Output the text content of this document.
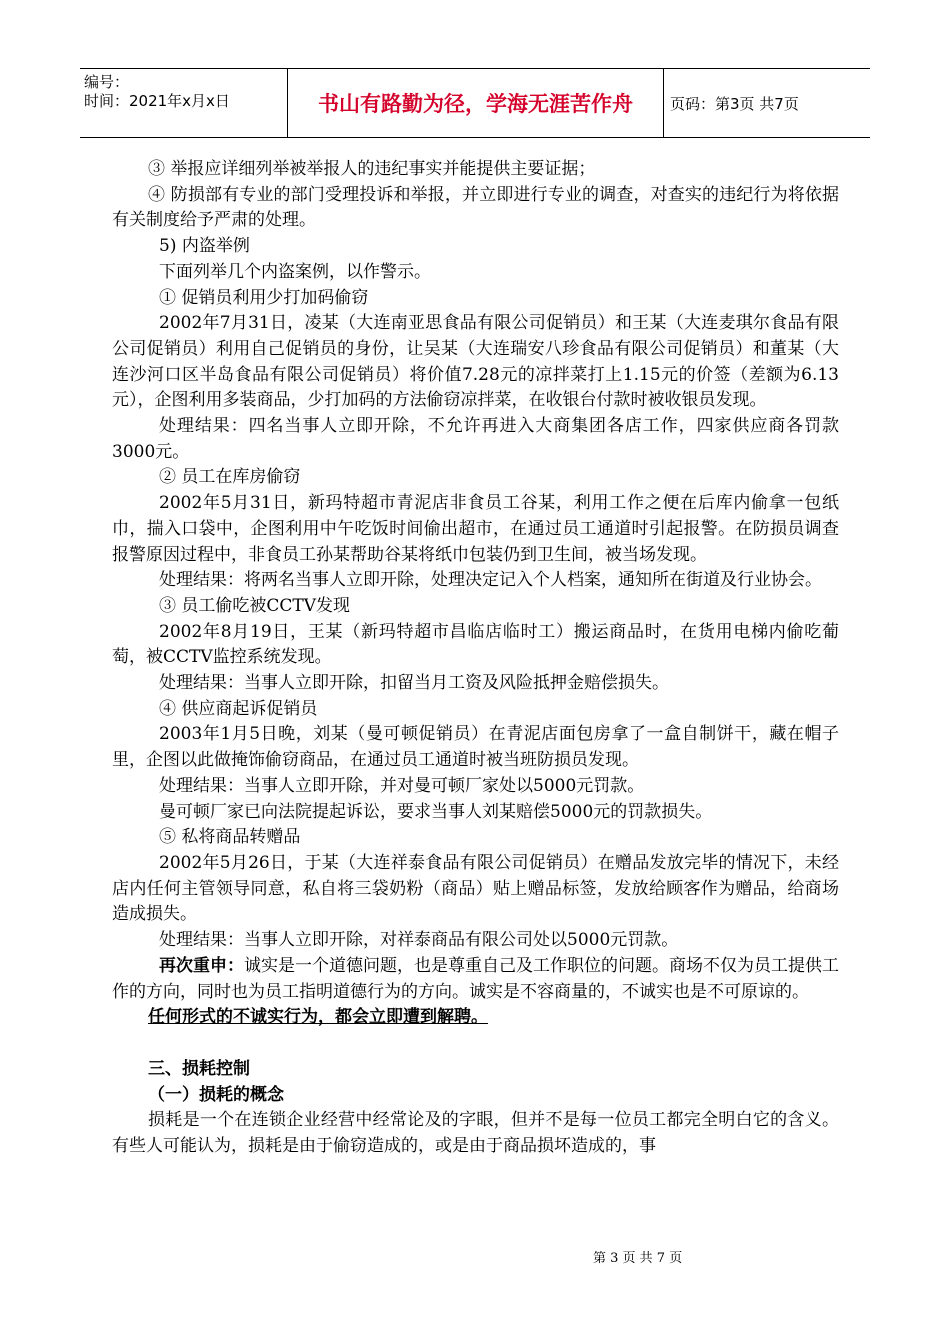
编号：
时间：2021年x月x日	书山有路勤为径，学海无涯苦作舟	页码：第3页 共7页

③ 举报应详细列举被举报人的违纪事实并能提供主要证据；

④ 防损部有专业的部门受理投诉和举报，并立即进行专业的调查，对查实的违纪行为将依据有关制度给予严肃的处理。

5) 内盗举例

下面列举几个内盗案例，以作警示。

① 促销员利用少打加码偷窃

2002年7月31日，凌某（大连南亚思食品有限公司促销员）和王某（大连麦琪尔食品有限公司促销员）利用自己促销员的身份，让吴某（大连瑞安八珍食品有限公司促销员）和董某（大连沙河口区半岛食品有限公司促销员）将价值7.28元的凉拌菜打上1.15元的价签（差额为6.13元），企图利用多装商品，少打加码的方法偷窃凉拌菜，在收银台付款时被收银员发现。

处理结果：四名当事人立即开除，不允许再进入大商集团各店工作，四家供应商各罚款3000元。

② 员工在库房偷窃

2002年5月31日，新玛特超市青泥店非食员工谷某，利用工作之便在后库内偷拿一包纸巾，揣入口袋中，企图利用中午吃饭时间偷出超市，在通过员工通道时引起报警。在防损员调查报警原因过程中，非食员工孙某帮助谷某将纸巾包装仍到卫生间，被当场发现。

处理结果：将两名当事人立即开除，处理决定记入个人档案，通知所在街道及行业协会。

③ 员工偷吃被CCTV发现

2002年8月19日，王某（新玛特超市昌临店临时工）搬运商品时，在货用电梯内偷吃葡萄，被CCTV监控系统发现。

处理结果：当事人立即开除，扣留当月工资及风险抵押金赔偿损失。

④ 供应商起诉促销员

2003年1月5日晚，刘某（曼可顿促销员）在青泥店面包房拿了一盒自制饼干，藏在帽子里，企图以此做掩饰偷窃商品，在通过员工通道时被当班防损员发现。

处理结果：当事人立即开除，并对曼可顿厂家处以5000元罚款。

曼可顿厂家已向法院提起诉讼，要求当事人刘某赔偿5000元的罚款损失。

⑤ 私将商品转赠品

2002年5月26日，于某（大连祥泰食品有限公司促销员）在赠品发放完毕的情况下，未经店内任何主管领导同意，私自将三袋奶粉（商品）贴上赠品标签，发放给顾客作为赠品，给商场造成损失。

处理结果：当事人立即开除，对祥泰商品有限公司处以5000元罚款。

再次重申：诚实是一个道德问题，也是尊重自己及工作职位的问题。商场不仅为员工提供工作的方向，同时也为员工指明道德行为的方向。诚实是不容商量的，不诚实也是不可原谅的。

任何形式的不诚实行为，都会立即遭到解聘。

三、损耗控制

（一）损耗的概念

损耗是一个在连锁企业经营中经常论及的字眼，但并不是每一位员工都完全明白它的含义。有些人可能认为，损耗是由于偷窃造成的，或是由于商品损坏造成的，事

第 3 页 共 7 页
